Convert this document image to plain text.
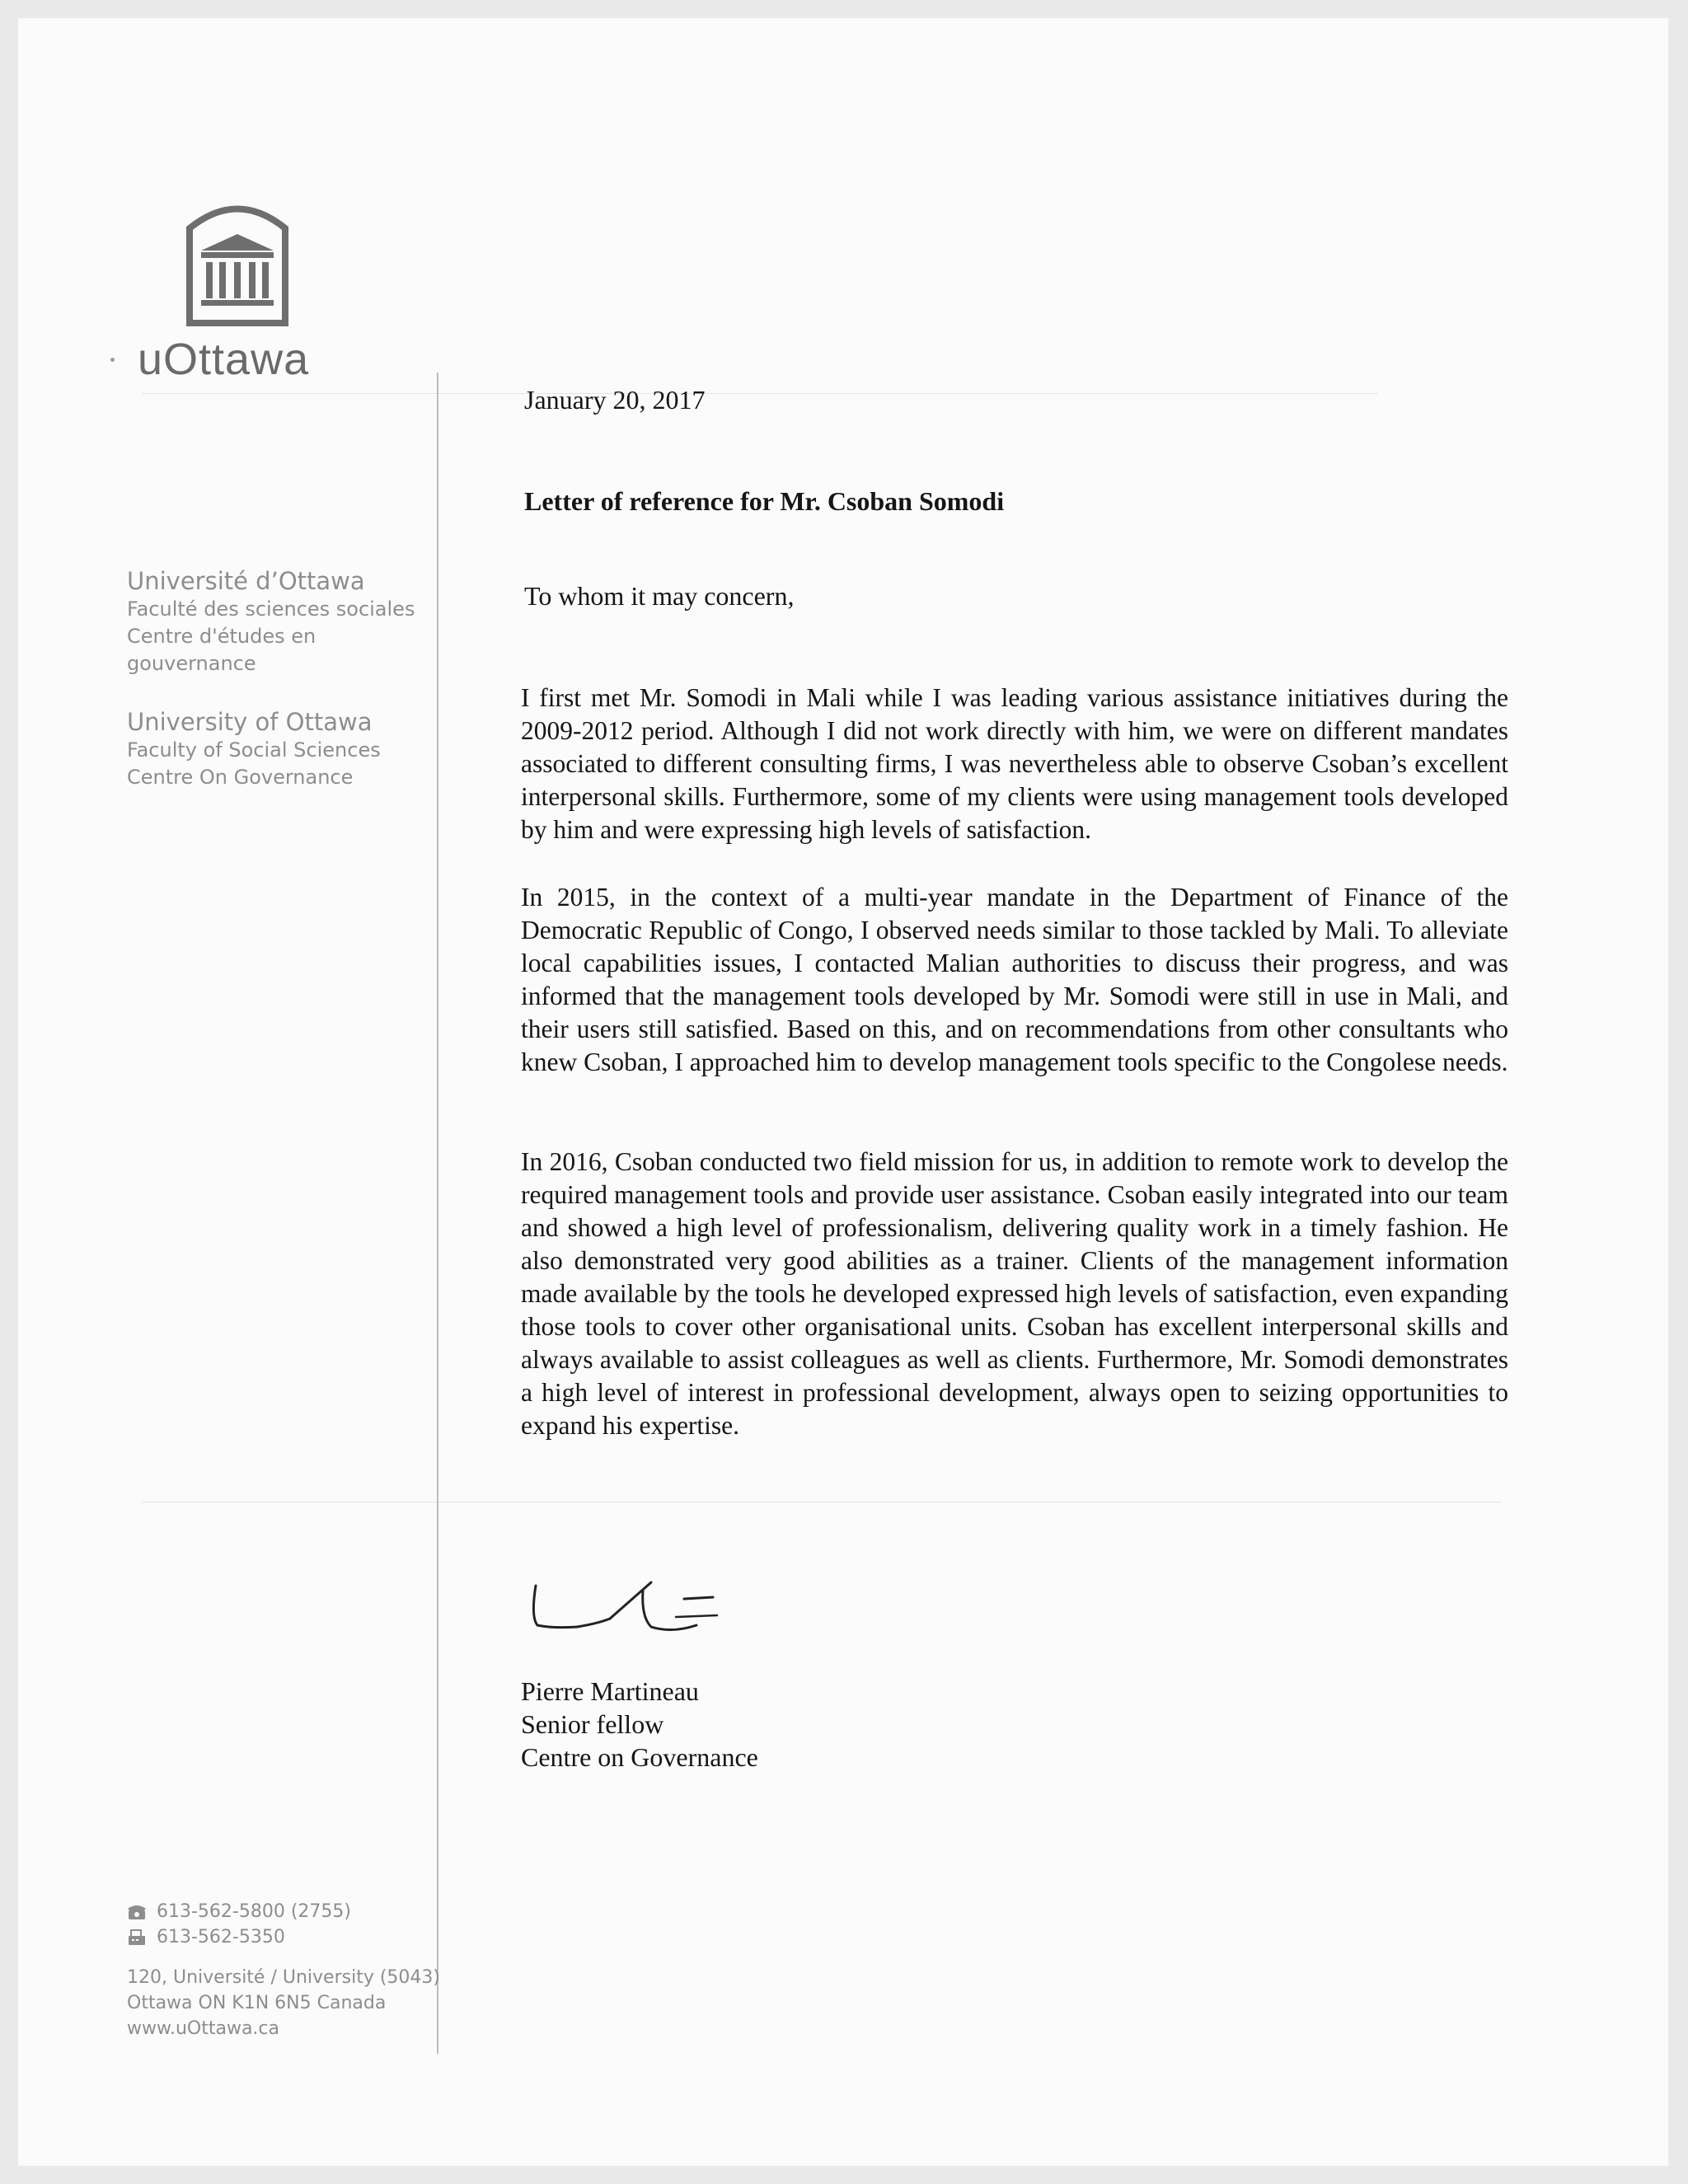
uOttawa
Université d’Ottawa
Faculté des sciences sociales
Centre d'études en
gouvernance
University of Ottawa
Faculty of Social Sciences
Centre On Governance
613-562-5800 (2755)
613-562-5350
120, Université / University (5043)
Ottawa ON K1N 6N5 Canada
www.uOttawa.ca
January 20, 2017
Letter of reference for Mr. Csoban Somodi
To whom it may concern,
I first met Mr. Somodi in Mali while I was leading various assistance initiatives during the 2009-2012 period. Although I did not work directly with him, we were on different mandates associated to different consulting firms, I was nevertheless able to observe Csoban’s excellent interpersonal skills. Furthermore, some of my clients were using management tools developed by him and were expressing high levels of satisfaction.
In 2015, in the context of a multi-year mandate in the Department of Finance of the Democratic Republic of Congo, I observed needs similar to those tackled by Mali. To alleviate local capabilities issues, I contacted Malian authorities to discuss their progress, and was informed that the management tools developed by Mr. Somodi were still in use in Mali, and their users still satisfied. Based on this, and on recommendations from other consultants who knew Csoban, I approached him to develop management tools specific to the Congolese needs.
In 2016, Csoban conducted two field mission for us, in addition to remote work to develop the required management tools and provide user assistance. Csoban easily integrated into our team and showed a high level of professionalism, delivering quality work in a timely fashion. He also demonstrated very good abilities as a trainer. Clients of the management information made available by the tools he developed expressed high levels of satisfaction, even expanding those tools to cover other organisational units. Csoban has excellent interpersonal skills and always available to assist colleagues as well as clients. Furthermore, Mr. Somodi demonstrates a high level of interest in professional development, always open to seizing opportunities to expand his expertise.
Pierre Martineau
Senior fellow
Centre on Governance
